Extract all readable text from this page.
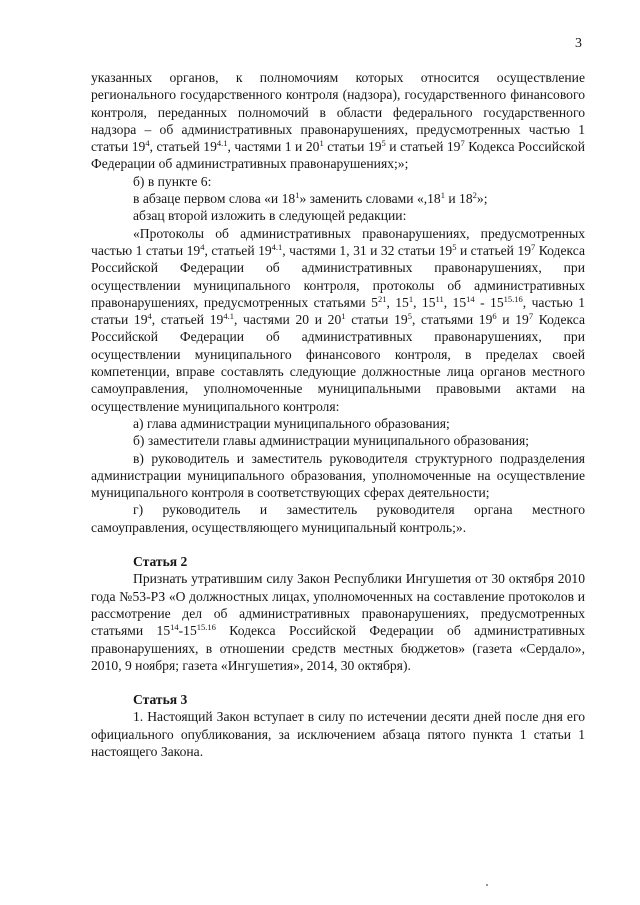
3

указанных органов, к полномочиям которых относится осуществление регионального государственного контроля (надзора), государственного финансового контроля, переданных полномочий в области федерального государственного надзора – об административных правонарушениях, предусмотренных частью 1 статьи $19^4$, статьей $19^{4.1}$, частями 1 и $20^1$ статьи $19^5$ и статьей $19^7$ Кодекса Российской Федерации об административных правонарушениях;»;

б) в пункте 6:

в абзаце первом слова «и $18^1$» заменить словами «$,18^1$ и $18^2$»;

абзац второй изложить в следующей редакции:

«Протоколы об административных правонарушениях, предусмотренных частью 1 статьи $19^4$, статьей $19^{4.1}$, частями 1, 31 и 32 статьи $19^5$ и статьей $19^7$ Кодекса Российской Федерации об административных правонарушениях, при осуществлении муниципального контроля, протоколы об административных правонарушениях, предусмотренных статьями $5^{21}$, $15^1$, $15^{11}$, $15^{14} - 15^{15.16}$, частью 1 статьи $19^4$, статьей $19^{4.1}$, частями 20 и $20^1$ статьи $19^5$, статьями $19^6$ и $19^7$ Кодекса Российской Федерации об административных правонарушениях, при осуществлении муниципального финансового контроля, в пределах своей компетенции, вправе составлять следующие должностные лица органов местного самоуправления, уполномоченные муниципальными правовыми актами на осуществление муниципального контроля:

а) глава администрации муниципального образования;

б) заместители главы администрации муниципального образования;

в) руководитель и заместитель руководителя структурного подразделения администрации муниципального образования, уполномоченные на осуществление муниципального контроля в соответствующих сферах деятельности;

г) руководитель и заместитель руководителя органа местного самоуправления, осуществляющего муниципальный контроль;».

Статья 2

Признать утратившим силу Закон Республики Ингушетия от 30 октября 2010 года №53-РЗ «О должностных лицах, уполномоченных на составление протоколов и рассмотрение дел об административных правонарушениях, предусмотренных статьями $15^{14}-15^{15.16}$ Кодекса Российской Федерации об административных правонарушениях, в отношении средств местных бюджетов» (газета «Сердало», 2010, 9 ноября; газета «Ингушетия», 2014, 30 октября).

Статья 3

1. Настоящий Закон вступает в силу по истечении десяти дней после дня его официального опубликования, за исключением абзаца пятого пункта 1 статьи 1 настоящего Закона.
